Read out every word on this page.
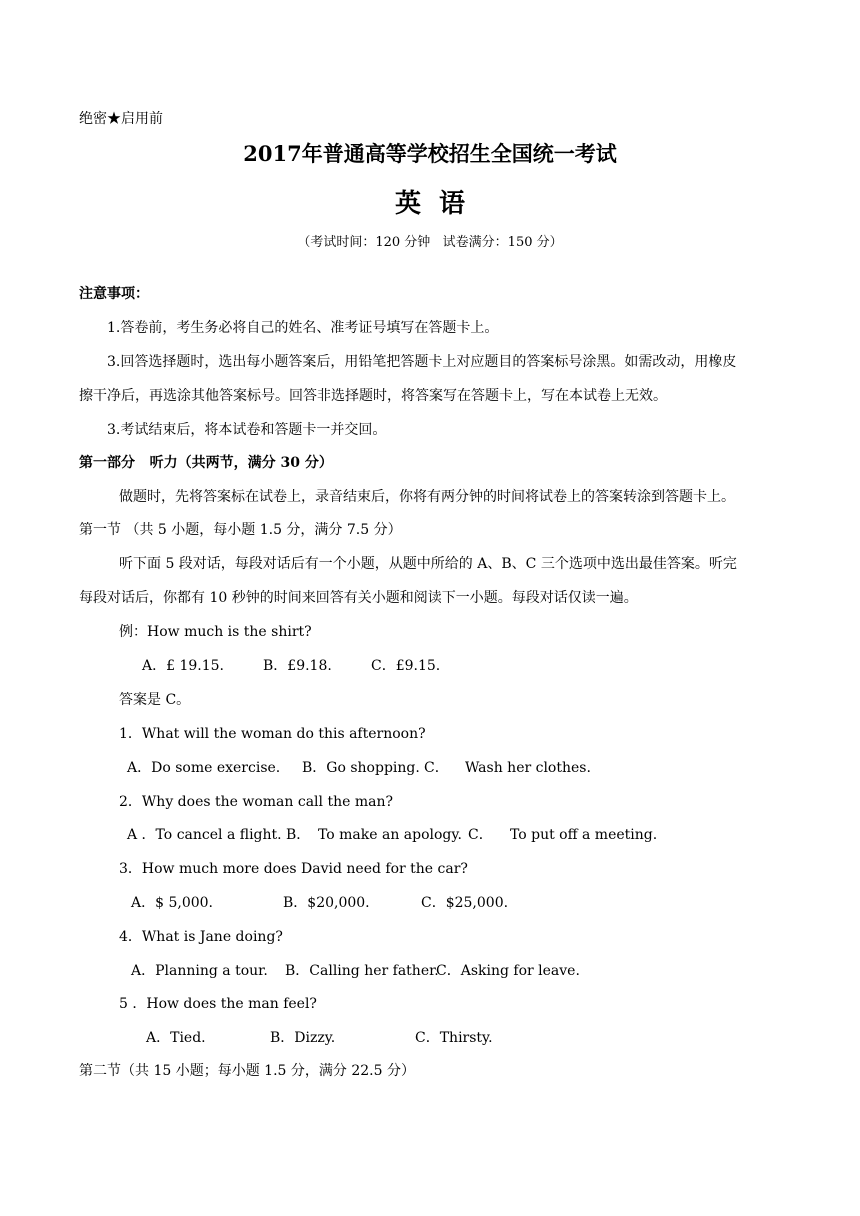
绝密★启用前
2017年普通高等学校招生全国统一考试
英  语
（考试时间：120 分钟   试卷满分：150 分）
注意事项：
1.答卷前，考生务必将自己的姓名、准考证号填写在答题卡上。
3.回答选择题时，选出每小题答案后，用铅笔把答题卡上对应题目的答案标号涂黑。如需改动，用橡皮
擦干净后，再选涂其他答案标号。回答非选择题时，将答案写在答题卡上，写在本试卷上无效。
3.考试结束后，将本试卷和答题卡一并交回。
第一部分   听力（共两节，满分 30 分）
做题时，先将答案标在试卷上，录音结束后，你将有两分钟的时间将试卷上的答案转涂到答题卡上。
第一节 （共 5 小题，每小题 1.5 分，满分 7.5 分）
听下面 5 段对话，每段对话后有一个小题，从题中所给的 A、B、C 三个选项中选出最佳答案。听完
每段对话后，你都有 10 秒钟的时间来回答有关小题和阅读下一小题。每段对话仅读一遍。
例：How much is the shirt?
A．£ 19.15.	B．£9.18.	C．£9.15.
答案是 C。
1．What will the woman do this afternoon?
A．Do some exercise. B．Go shopping. C． Wash her clothes.
2．Why does the woman call the man?
A ．To cancel a flight. B． To make an apology. C． To put off a meeting.
3．How much more does David need for the car?
A．$ 5,000.	B．$20,000.	C．$25,000.
4．What is Jane doing?
A．Planning a tour. B．Calling her father.
C．Asking for leave.
5 ．How does the man feel?
A．Tied.	B．Dizzy.	C．Thirsty.
第二节（共 15 小题；每小题 1.5 分，满分 22.5 分）
